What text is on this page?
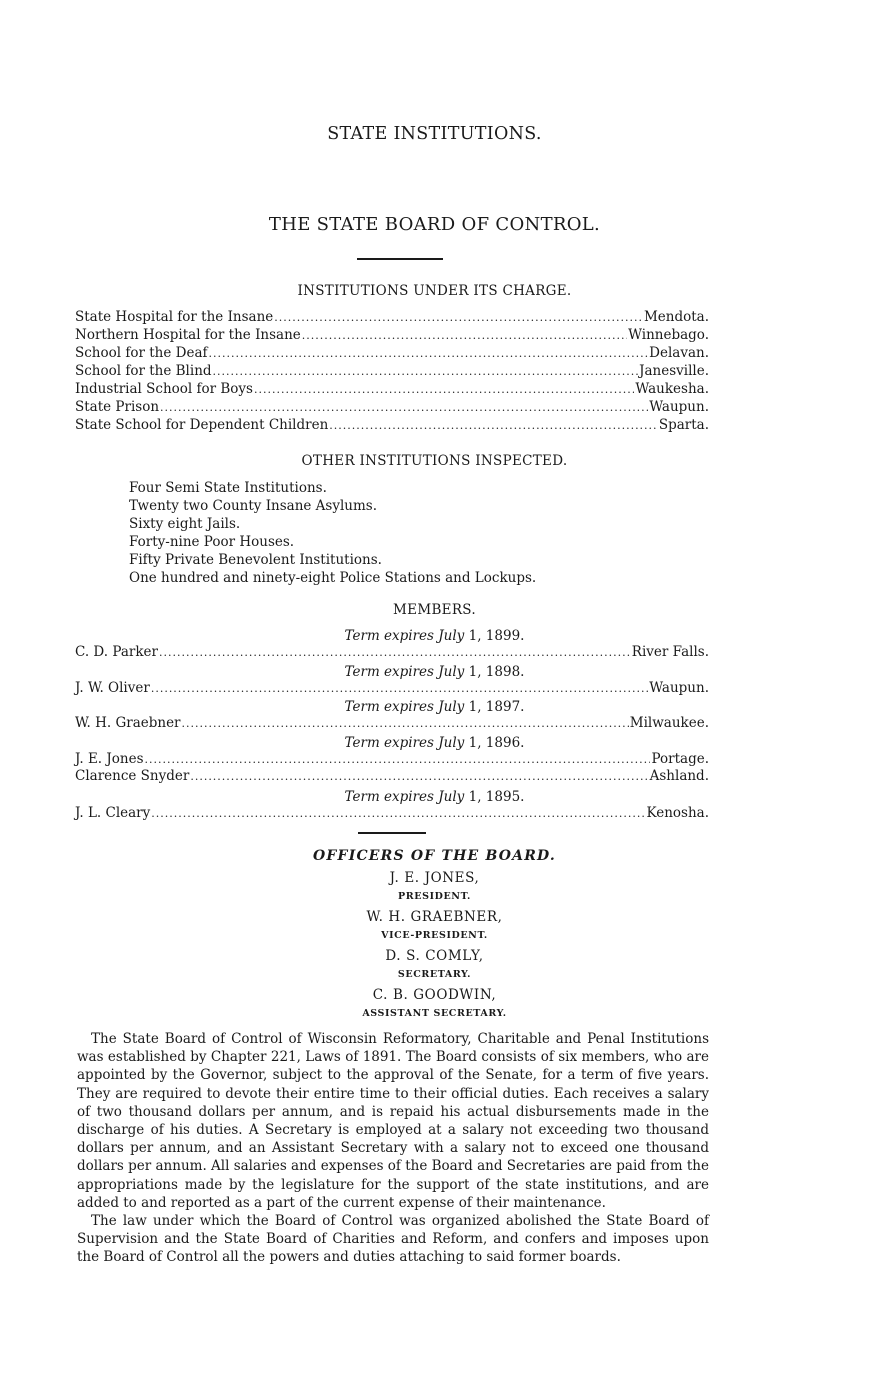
STATE INSTITUTIONS.
THE STATE BOARD OF CONTROL.
INSTITUTIONS UNDER ITS CHARGE.
State Hospital for the Insane .....	Mendota.
Northern Hospital for the Insane .....	Winnebago.
School for the Deaf .....	Delavan.
School for the Blind .....	Janesville.
Industrial School for Boys .....	Waukesha.
State Prison .....	Waupun.
State School for Dependent Children .....	Sparta.
OTHER INSTITUTIONS INSPECTED.
Four Semi State Institutions.
Twenty two County Insane Asylums.
Sixty eight Jails.
Forty-nine Poor Houses.
Fifty Private Benevolent Institutions.
One hundred and ninety-eight Police Stations and Lockups.
MEMBERS.
Term expires July 1, 1899.
C. D. Parker .....	River Falls.
Term expires July 1, 1898.
J. W. Oliver .....	Waupun.
Term expires July 1, 1897.
W. H. Graebner .....	Milwaukee.
Term expires July 1, 1896.
J. E. Jones .....	Portage.
Clarence Snyder .....	Ashland.
Term expires July 1, 1895.
J. L. Cleary .....	Kenosha.
OFFICERS OF THE BOARD.
J. E. JONES,
PRESIDENT.
W. H. GRAEBNER,
VICE-PRESIDENT.
D. S. COMLY,
SECRETARY.
C. B. GOODWIN,
ASSISTANT SECRETARY.

The State Board of Control of Wisconsin Reformatory, Charitable and Penal Institutions was established by Chapter 221, Laws of 1891. The Board consists of six members, who are appointed by the Governor, subject to the approval of the Senate, for a term of five years. They are required to devote their entire time to their official duties. Each receives a salary of two thousand dollars per annum, and is repaid his actual disbursements made in the discharge of his duties. A Secretary is employed at a salary not exceeding two thousand dollars per annum, and an Assistant Secretary with a salary not to exceed one thousand dollars per annum. All salaries and expenses of the Board and Secretaries are paid from the appropriations made by the legislature for the support of the state institutions, and are added to and reported as a part of the current expense of their maintenance.

The law under which the Board of Control was organized abolished the State Board of Supervision and the State Board of Charities and Reform, and confers and imposes upon the Board of Control all the powers and duties attaching to said former boards.
